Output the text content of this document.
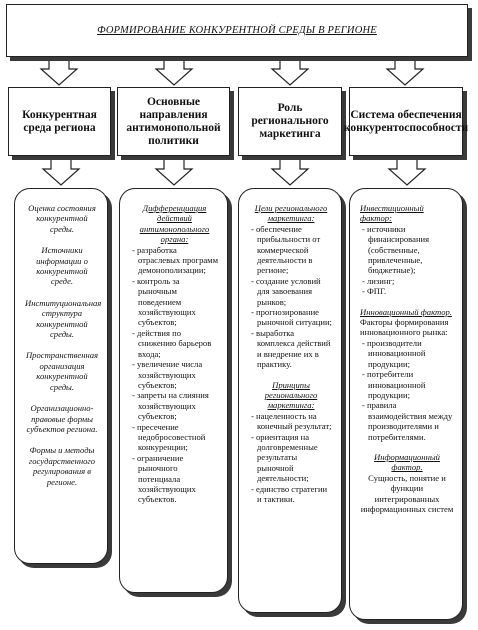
ФОРМИРОВАНИЕ КОНКУРЕНТНОЙ СРЕДЫ В РЕГИОНЕ
Конкурентная среда региона
Основные направления антимонопольной политики
Роль регионального маркетинга
Система обеспечения конкурентоспособности

Оценка состояния конкурентной среды.

Источники информации о конкурентной среде.

Институциональная структура конкурентной среды.

Пространственная организация конкурентной среды.

Организационно-правовые формы субъектов региона.

Формы и методы государственного регулирования в регионе.

Дифференциация действий антимонопольного органа:
- разработка отраслевых программ демонополизации;
- контроль за рыночным поведением хозяйствующих субъектов;
- действия по снижению барьеров входа;
- увеличение числа хозяйствующих субъектов;
- запреты на слияния хозяйствующих субъектов;
- пресечение недобросовестной конкуренции;
- ограничение рыночного потенциала хозяйствующих субъектов.
Цели регионального маркетинга:
- обеспечение прибыльности от коммерческой деятельности в регионе;
- создание условий для завоевания рынков;
- прогнозирование рыночной ситуации;
- выработка комплекса действий и внедрение их в практику.
Принципы регионального маркетинга:
- нацеленность на конечный результат;
- ориентация на долговременные результаты рыночной деятельности;
- единство стратегии и тактики.
Инвестиционный фактор:
- источники финансирования (собственные, привлеченные, бюджетные);
- лизинг;
- ФПГ.
Инновационный фактор.
Факторы формирования инновационного рынка:
- производители инновационной продукции;
- потребители инновационной продукции;
- правила взаимодействия между производителями и потребителями.
Информационный фактор.
Сущность, понятие и функции интегрированных информационных систем
